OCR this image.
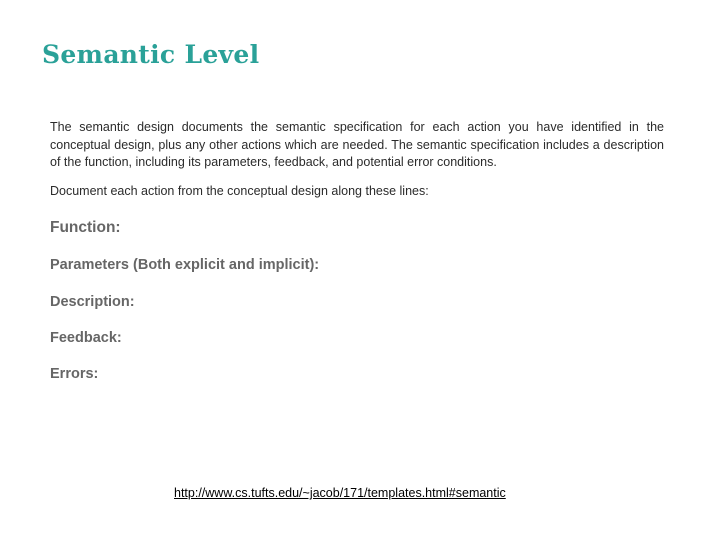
Semantic Level

The semantic design documents the semantic specification for each action you have identified in the conceptual design, plus any other actions which are needed. The semantic specification includes a description of the function, including its parameters, feedback, and potential error conditions.

Document each action from the conceptual design along these lines:

Function:

Parameters (Both explicit and implicit):

Description:

Feedback:

Errors:

http://www.cs.tufts.edu/~jacob/171/templates.html#semantic
